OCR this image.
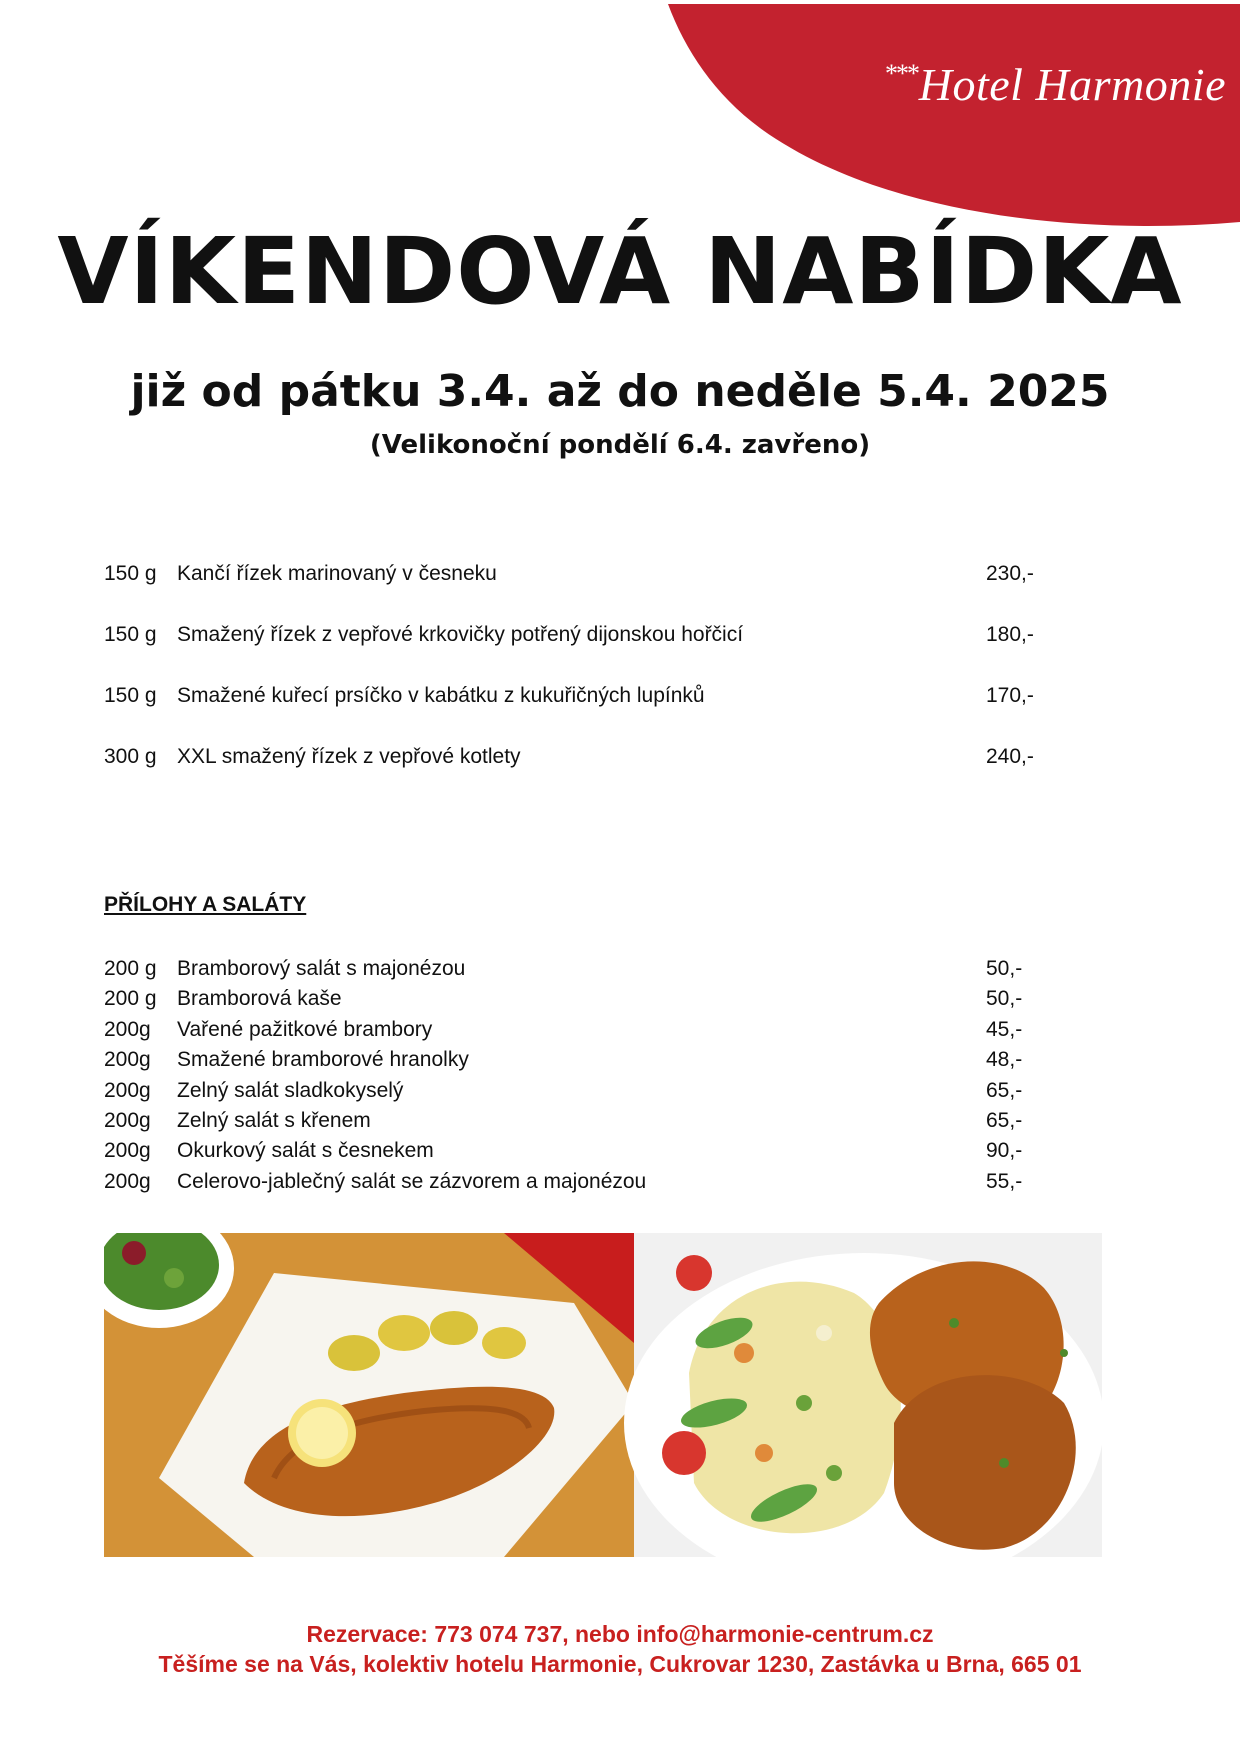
***Hotel Harmonie
VÍKENDOVÁ NABÍDKA
již od pátku 3.4. až do neděle 5.4. 2025
(Velikonoční pondělí 6.4. zavřeno)
150 g Kančí řízek marinovaný v česneku	230,-
150 g Smažený řízek z vepřové krkovičky potřený dijonskou hořčicí	180,-
150 g Smažené kuřecí prsíčko v kabátku z kukuřičných lupínků	170,-
300 g XXL smažený řízek z vepřové kotlety	240,-
PŘÍLOHY A SALÁTY
200 g Bramborový salát s majonézou	50,-
200 g Bramborová kaše	50,-
200g Vařené pažitkové brambory	45,-
200g Smažené bramborové hranolky	48,-
200g Zelný salát sladkokyselý	65,-
200g Zelný salát s křenem	65,-
200g Okurkový salát s česnekem	90,-
200g Celerovo-jablečný salát se zázvorem a majonézou	55,-
Rezervace: 773 074 737, nebo info@harmonie-centrum.cz
Těšíme se na Vás, kolektiv hotelu Harmonie, Cukrovar 1230, Zastávka u Brna, 665 01
